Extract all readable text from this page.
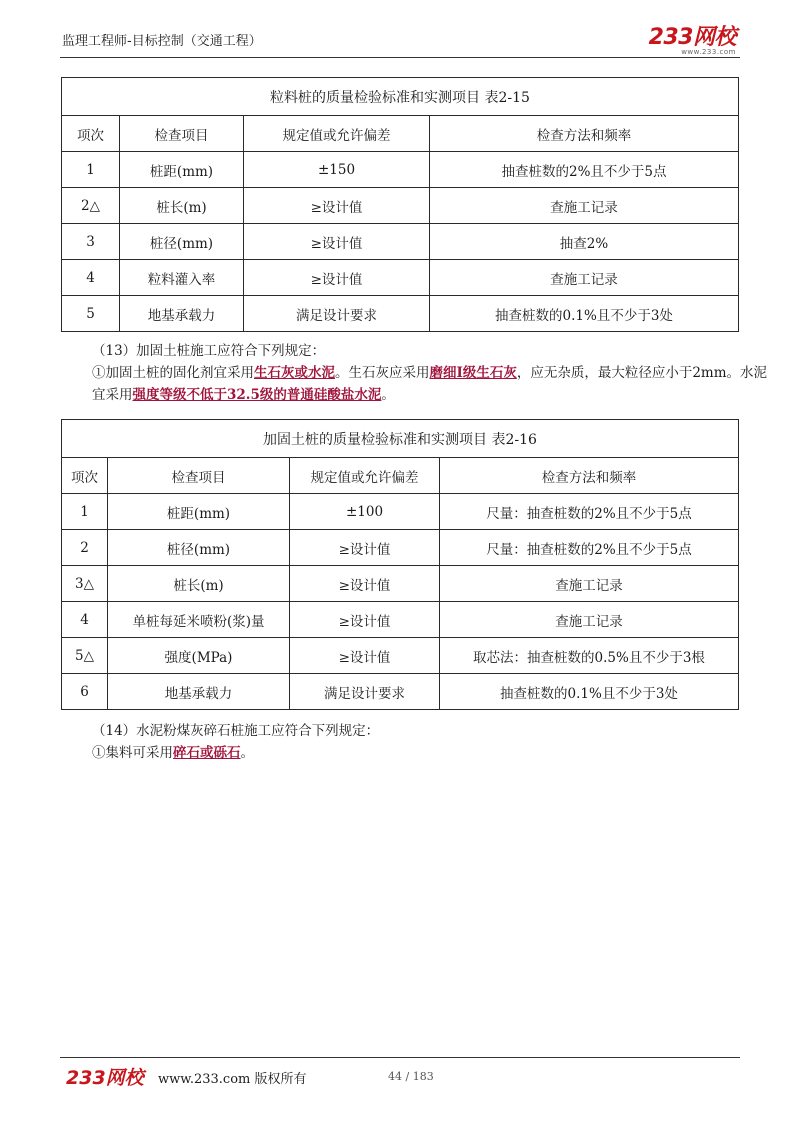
监理工程师-目标控制（交通工程）	233网校
www.233.com
粒料桩的质量检验标准和实测项目 表2-15			
项次	检查项目	规定值或允许偏差	检查方法和频率
1	桩距(mm)	±150	抽查桩数的2%且不少于5点
2△	桩长(m)	≥设计值	查施工记录
3	桩径(mm)	≥设计值	抽查2%
4	粒料灌入率	≥设计值	查施工记录
5	地基承载力	满足设计要求	抽查桩数的0.1%且不少于3处
（13）加固土桩施工应符合下列规定：
①加固土桩的固化剂宜采用生石灰或水泥。生石灰应采用磨细Ⅰ级生石灰，应无杂质，最大粒径应小于2mm。水泥宜采用强度等级不低于32.5级的普通硅酸盐水泥。
加固土桩的质量检验标准和实测项目 表2-16			
项次	检查项目	规定值或允许偏差	检查方法和频率
1	桩距(mm)	±100	尺量：抽查桩数的2%且不少于5点
2	桩径(mm)	≥设计值	尺量：抽查桩数的2%且不少于5点
3△	桩长(m)	≥设计值	查施工记录
4	单桩每延米喷粉(浆)量	≥设计值	查施工记录
5△	强度(MPa)	≥设计值	取芯法：抽查桩数的0.5%且不少于3根
6	地基承载力	满足设计要求	抽查桩数的0.1%且不少于3处
（14）水泥粉煤灰碎石桩施工应符合下列规定：
①集料可采用碎石或砾石。
233网校 www.233.com 版权所有	44 / 183
